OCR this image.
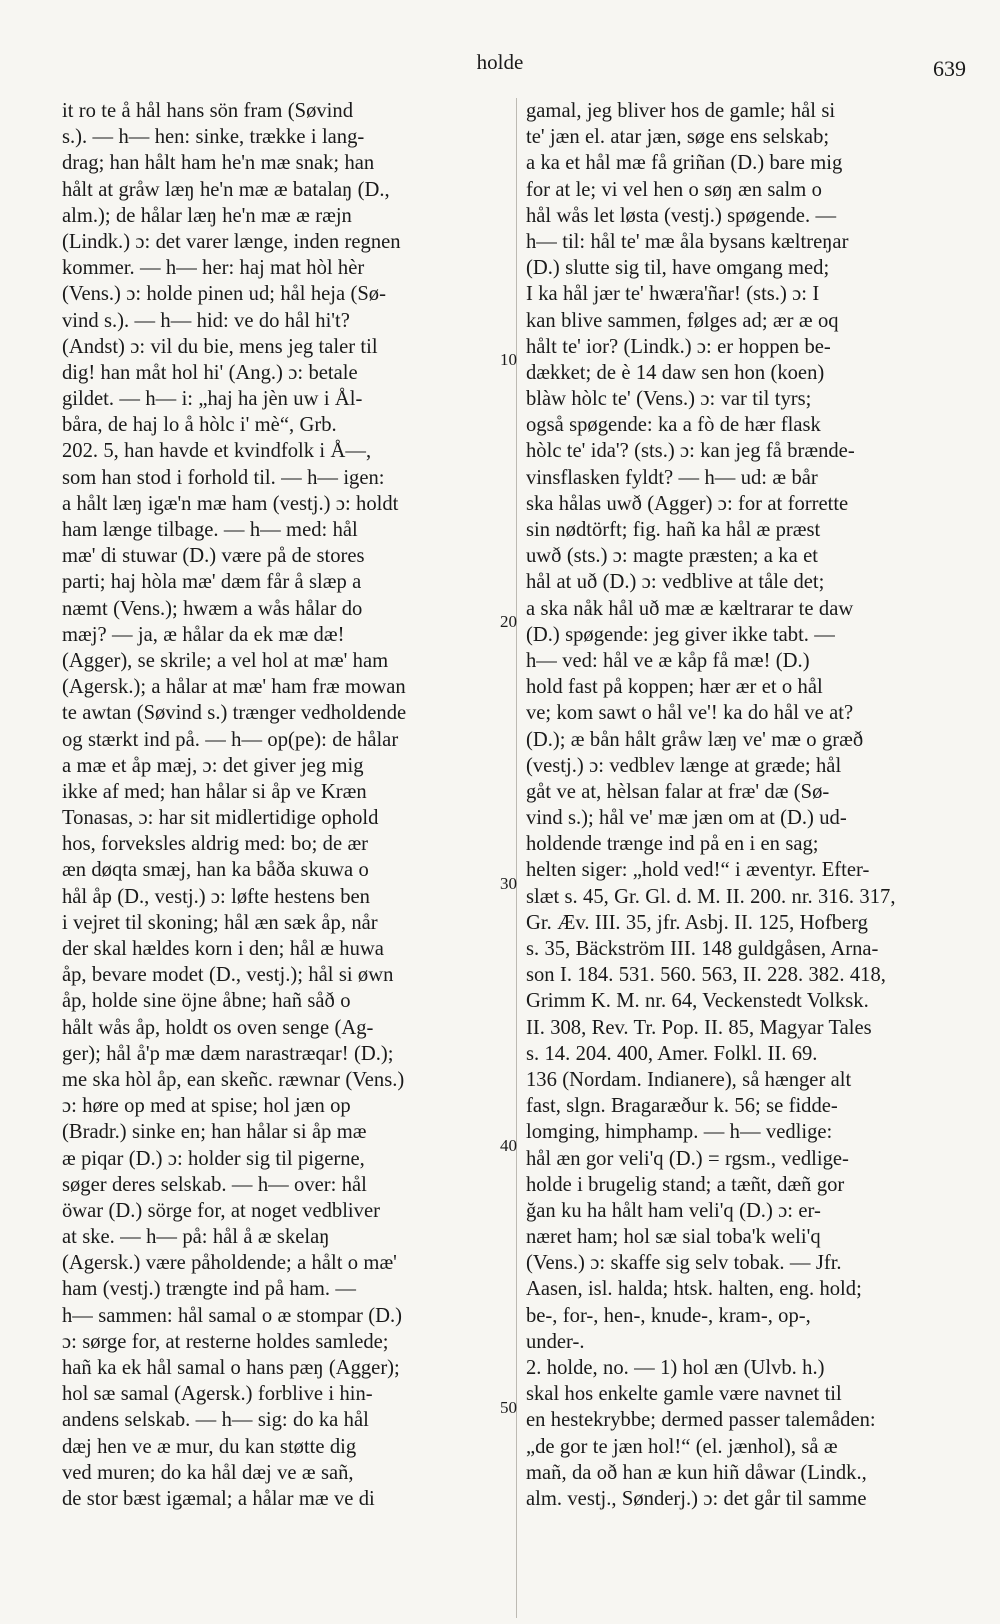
holde	639
it ro te å hål hans sön fram (Søvind
s.). — h— hen: sinke, trække i lang-
drag; han hålt ham he'n mæ snak; han
hålt at gråw læŋ he'n mæ æ batalaŋ (D.,
alm.); de hålar læŋ he'n mæ æ ræjn
(Lindk.) ɔ: det varer længe, inden regnen
kommer. — h— her: haj mat hòl hèr
(Vens.) ɔ: holde pinen ud; hål heja (Sø-
vind s.). — h— hid: ve do hål hi't?
(Andst) ɔ: vil du bie, mens jeg taler til
dig! han måt hol hi' (Ang.) ɔ: betale
gildet. — h— i: „haj ha jèn uw i Ål-
båra, de haj lo å hòlc i' mè“, Grb.
202. 5, han havde et kvindfolk i Å—,
som han stod i forhold til. — h— igen:
a hålt læŋ igæ'n mæ ham (vestj.) ɔ: holdt
ham længe tilbage. — h— med: hål
mæ' di stuwar (D.) være på de stores
parti; haj hòla mæ' dæm får å slæp a
næmt (Vens.); hwæm a wås hålar do
mæj? — ja, æ hålar da ek mæ dæ!
(Agger), se skrile; a vel hol at mæ' ham
(Agersk.); a hålar at mæ' ham fræ mowan
te awtan (Søvind s.) trænger vedholdende
og stærkt ind på. — h— op(pe): de hålar
a mæ et åp mæj, ɔ: det giver jeg mig
ikke af med; han hålar si åp ve Kræn
Tonasas, ɔ: har sit midlertidige ophold
hos, forveksles aldrig med: bo; de ær
æn døqta smæj, han ka båða skuwa o
hål åp (D., vestj.) ɔ: løfte hestens ben
i vejret til skoning; hål æn sæk åp, når
der skal hældes korn i den; hål æ huwa
åp, bevare modet (D., vestj.); hål si øwn
åp, holde sine öjne åbne; hañ såð o
hålt wås åp, holdt os oven senge (Ag-
ger); hål å'p mæ dæm narastræqar! (D.);
me ska hòl åp, ean skeñc. ræwnar (Vens.)
ɔ: høre op med at spise; hol jæn op
(Bradr.) sinke en; han hålar si åp mæ
æ piqar (D.) ɔ: holder sig til pigerne,
søger deres selskab. — h— over: hål
öwar (D.) sörge for, at noget vedbliver
at ske. — h— på: hål å æ skelaŋ
(Agersk.) være påholdende; a hålt o mæ'
ham (vestj.) trængte ind på ham. —
h— sammen: hål samal o æ stompar (D.)
ɔ: sørge for, at resterne holdes samlede;
hañ ka ek hål samal o hans pæŋ (Agger);
hol sæ samal (Agersk.) forblive i hin-
andens selskab. — h— sig: do ka hål
dæj hen ve æ mur, du kan støtte dig
ved muren; do ka hål dæj ve æ sañ,
de stor bæst igæmal; a hålar mæ ve di
gamal, jeg bliver hos de gamle; hål si
te' jæn el. atar jæn, søge ens selskab;
a ka et hål mæ få griñan (D.) bare mig
for at le; vi vel hen o søŋ æn salm o
hål wås let løsta (vestj.) spøgende. —
h— til: hål te' mæ åla bysans kæltreŋar
(D.) slutte sig til, have omgang med;
I ka hål jær te' hwæra'ñar! (sts.) ɔ: I
kan blive sammen, følges ad; ær æ oq
hålt te' ior? (Lindk.) ɔ: er hoppen be-
dækket; de è 14 daw sen hon (koen)
blàw hòlc te' (Vens.) ɔ: var til tyrs;
også spøgende: ka a fò de hær flask
hòlc te' ida'? (sts.) ɔ: kan jeg få brænde-
vinsflasken fyldt? — h— ud: æ bår
ska hålas uwð (Agger) ɔ: for at forrette
sin nødtörft; fig. hañ ka hål æ præst
uwð (sts.) ɔ: magte præsten; a ka et
hål at uð (D.) ɔ: vedblive at tåle det;
a ska nåk hål uð mæ æ kæltrarar te daw
(D.) spøgende: jeg giver ikke tabt. —
h— ved: hål ve æ kåp få mæ! (D.)
hold fast på koppen; hær ær et o hål
ve; kom sawt o hål ve'! ka do hål ve at?
(D.); æ bån hålt gråw læŋ ve' mæ o græð
(vestj.) ɔ: vedblev længe at græde; hål
gåt ve at, hèlsan falar at fræ' dæ (Sø-
vind s.); hål ve' mæ jæn om at (D.) ud-
holdende trænge ind på en i en sag;
helten siger: „hold ved!“ i æventyr. Efter-
slæt s. 45, Gr. Gl. d. M. II. 200. nr. 316. 317,
Gr. Æv. III. 35, jfr. Asbj. II. 125, Hofberg
s. 35, Bäckström III. 148 guldgåsen, Arna-
son I. 184. 531. 560. 563, II. 228. 382. 418,
Grimm K. M. nr. 64, Veckenstedt Volksk.
II. 308, Rev. Tr. Pop. II. 85, Magyar Tales
s. 14. 204. 400, Amer. Folkl. II. 69.
136 (Nordam. Indianere), så hænger alt
fast, slgn. Bragaræður k. 56; se fidde-
lomging, himphamp. — h— vedlige:
hål æn gor veli'q (D.) = rgsm., vedlige-
holde i brugelig stand; a tæñt, dæñ gor
ğan ku ha hålt ham veli'q (D.) ɔ: er-
næret ham; hol sæ sial toba'k weli'q
(Vens.) ɔ: skaffe sig selv tobak. — Jfr.
Aasen, isl. halda; htsk. halten, eng. hold;
be-, for-, hen-, knude-, kram-, op-,
under-.
2. holde, no. — 1) hol æn (Ulvb. h.)
skal hos enkelte gamle være navnet til
en hestekrybbe; dermed passer talemåden:
„de gor te jæn hol!“ (el. jænhol), så æ
mañ, da oð han æ kun hiñ dåwar (Lindk.,
alm. vestj., Sønderj.) ɔ: det går til samme
10
20
30
40
50
